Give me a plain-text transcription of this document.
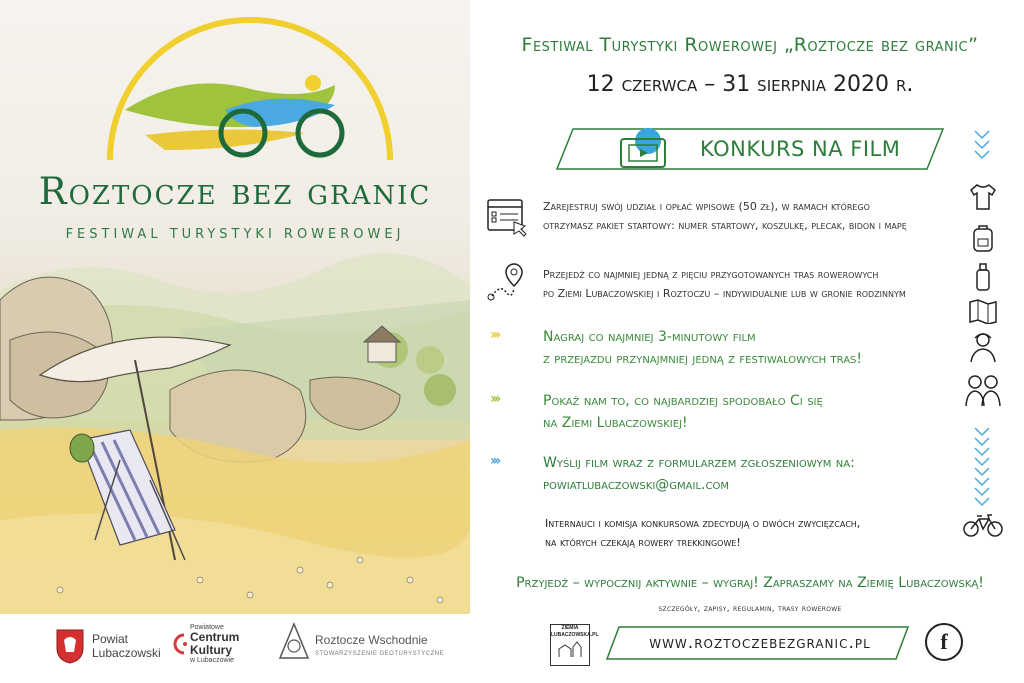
Roztocze bez granic
FESTIWAL TURYSTYKI ROWEROWEJ
Powiat
Lubaczowski
Powiatowe
Centrum
Kultury
w Lubaczowie
Roztocze Wschodnie
STOWARZYSZENIE GEOTURYSTYCZNE
Festiwal Turystyki Rowerowej „Roztocze bez granic”
12 czerwca – 31 sierpnia 2020 r.
KONKURS NA FILM
Zarejestruj swój udział i opłać wpisowe (50 zł), w ramach którego
otrzymasz pakiet startowy: numer startowy, koszulkę, plecak, bidon i mapę
Przejedź co najmniej jedną z pięciu przygotowanych tras rowerowych
po Ziemi Lubaczowskiej i Roztoczu – indywidualnie lub w gronie rodzinnym
›››	Nagraj co najmniej 3-minutowy film
z przejazdu przynajmniej jedną z festiwalowych tras!
›››	Pokaż nam to, co najbardziej spodobało Ci się
na Ziemi Lubaczowskiej!
›››	Wyślij film wraz z formularzem zgłoszeniowym na:
powiatlubaczowski@gmail.com
Internauci i komisja konkursowa zdecydują o dwóch zwycięzcach,
na których czekają rowery trekkingowe!
Przyjedź – wypocznij aktywnie – wygraj! Zapraszamy na Ziemię Lubaczowską!
szczegóły, zapisy, regulamin, trasy rowerowe
ZIEMIA
LUBACZOWSKA.PL	www.roztoczebezgranic.pl	f
